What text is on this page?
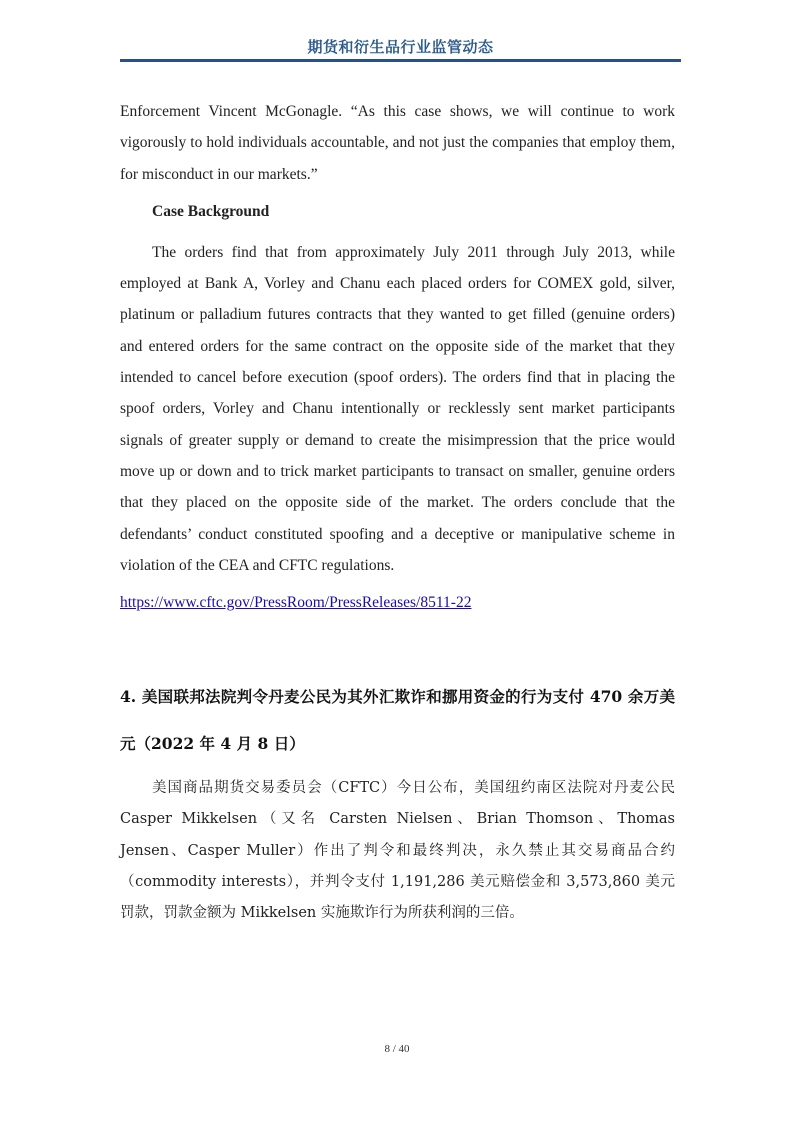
期货和衍生品行业监管动态

Enforcement Vincent McGonagle. “As this case shows, we will continue to work vigorously to hold individuals accountable, and not just the companies that employ them, for misconduct in our markets.”

Case Background

The orders find that from approximately July 2011 through July 2013, while employed at Bank A, Vorley and Chanu each placed orders for COMEX gold, silver, platinum or palladium futures contracts that they wanted to get filled (genuine orders) and entered orders for the same contract on the opposite side of the market that they intended to cancel before execution (spoof orders). The orders find that in placing the spoof orders, Vorley and Chanu intentionally or recklessly sent market participants signals of greater supply or demand to create the misimpression that the price would move up or down and to trick market participants to transact on smaller, genuine orders that they placed on the opposite side of the market. The orders conclude that the defendants’ conduct constituted spoofing and a deceptive or manipulative scheme in violation of the CEA and CFTC regulations.

https://www.cftc.gov/PressRoom/PressReleases/8511-22

4. 美国联邦法院判令丹麦公民为其外汇欺诈和挪用资金的行为支付 470 余万美元（2022 年 4 月 8 日）

美国商品期货交易委员会（CFTC）今日公布，美国纽约南区法院对丹麦公民 Casper Mikkelsen（又名 Carsten Nielsen、Brian Thomson、Thomas Jensen、Casper Muller）作出了判令和最终判决，永久禁止其交易商品合约（commodity interests），并判令支付 1,191,286 美元赔偿金和 3,573,860 美元罚款，罚款金额为 Mikkelsen 实施欺诈行为所获利润的三倍。

8 / 40
